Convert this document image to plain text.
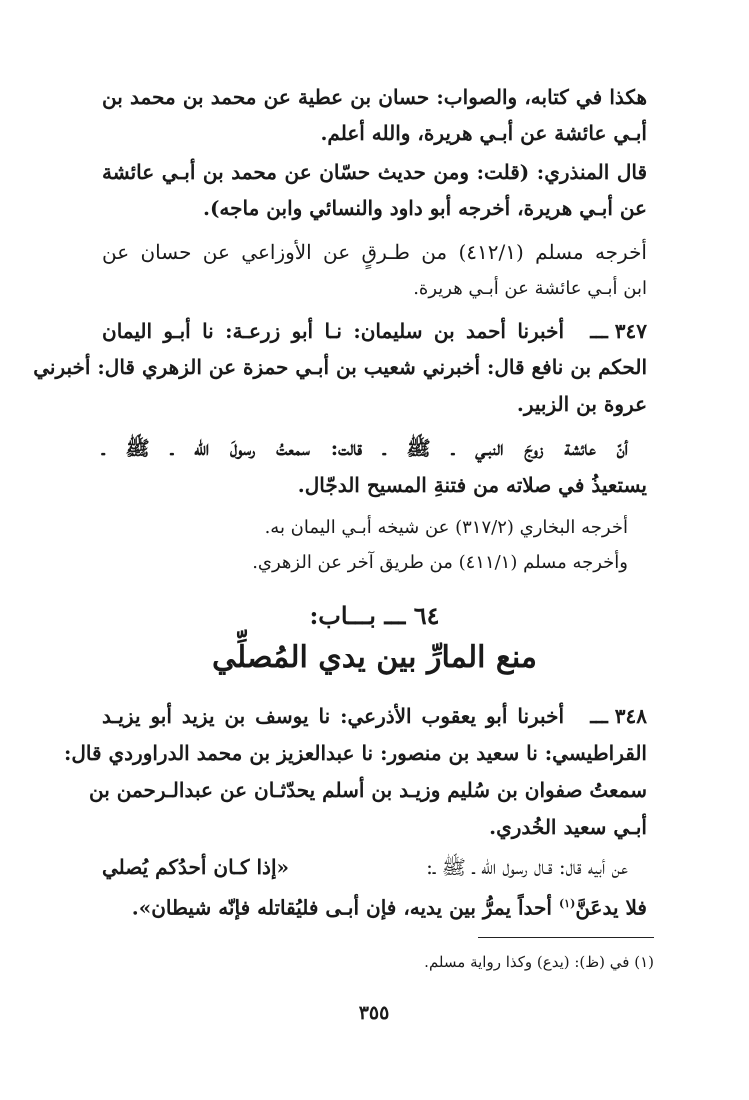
هكذا في كتابه، والصواب: حسان بن عطية عن محمد بن محمد بن
أبـي عائشة عن أبـي هريرة، والله أعلم.
قال المنذري: (قلت: ومن حديث حسّان عن محمد بن أبـي عائشة
عن أبـي هريرة، أخرجه أبو داود والنسائي وابن ماجه).
أخرجه مسلم (٤١٢/١) من طـرقٍ عن الأوزاعي عن حسان عن
ابن أبـي عائشة عن أبـي هريرة.
٣٤٧ ـــ
أخبرنا أحمد بن سليمان: نـا أبو زرعـة: نا أبـو اليمان
الحكم بن نافع قال: أخبرني شعيب بن أبـي حمزة عن الزهري قال: أخبرني
عروة بن الزبير.
أنّ عائشة زوجَ النبـي ـ ﷺ ـ قالت: سمعتُ رسولَ الله ـ ﷺ ـ
يستعيذُ في صلاته من فتنةِ المسيح الدجّال.
أخرجه البخاري (٣١٧/٢) عن شيخه أبـي اليمان به.
وأخرجه مسلم (٤١١/١) من طريق آخر عن الزهري.
٦٤ ـــ بـــاب:
منع المارِّ بين يدي المُصلِّي
٣٤٨ ـــ
أخبرنا أبو يعقوب الأذرعي: نا يوسف بن يزيد أبو يزيـد
القراطيسي: نا سعيد بن منصور: نا عبدالعزيز بن محمد الدراوردي قال:
سمعتُ صفوان بن سُليم وزيـد بن أسلم يحدّثـان عن عبدالـرحمن بن
أبـي سعيد الخُدري.
عن أبيه قال: قـال رسول الله ـ ﷺ ـ:
«إذا كـان أحدُكم يُصلي
فلا يدعَنَّ$^{(١)}$ أحداً يمرُّ بين يديه، فإن أبـى فليُقاتله فإنّه شيطان».
(١) في (ظ): (يدع) وكذا رواية مسلم.
٣٥٥
